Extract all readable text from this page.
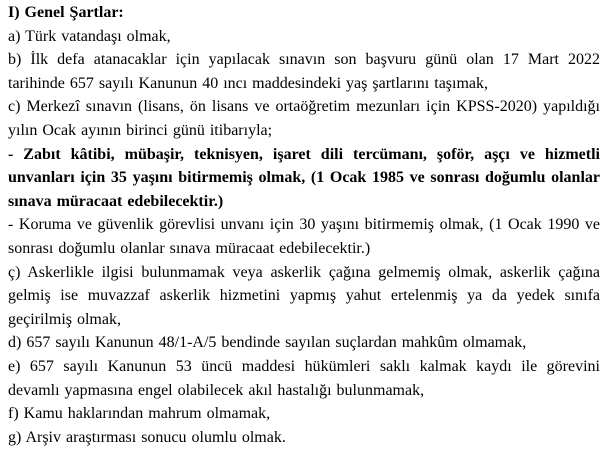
I) Genel Şartlar:

a) Türk vatandaşı olmak,

b) İlk defa atanacaklar için yapılacak sınavın son başvuru günü olan 17 Mart 2022 tarihinde 657 sayılı Kanunun 40 ıncı maddesindeki yaş şartlarını taşımak,

c) Merkezî sınavın (lisans, ön lisans ve ortaöğretim mezunları için KPSS-2020) yapıldığı yılın Ocak ayının birinci günü itibarıyla;

- Zabıt kâtibi, mübaşir, teknisyen, işaret dili tercümanı, şoför, aşçı ve hizmetli unvanları için 35 yaşını bitirmemiş olmak, (1 Ocak 1985 ve sonrası doğumlu olanlar sınava müracaat edebilecektir.)

- Koruma ve güvenlik görevlisi unvanı için 30 yaşını bitirmemiş olmak, (1 Ocak 1990 ve sonrası doğumlu olanlar sınava müracaat edebilecektir.)

ç) Askerlikle ilgisi bulunmamak veya askerlik çağına gelmemiş olmak, askerlik çağına gelmiş ise muvazzaf askerlik hizmetini yapmış yahut ertelenmiş ya da yedek sınıfa geçirilmiş olmak,

d) 657 sayılı Kanunun 48/1-A/5 bendinde sayılan suçlardan mahkûm olmamak,

e) 657 sayılı Kanunun 53 üncü maddesi hükümleri saklı kalmak kaydı ile görevini devamlı yapmasına engel olabilecek akıl hastalığı bulunmamak,

f) Kamu haklarından mahrum olmamak,

g) Arşiv araştırması sonucu olumlu olmak.
